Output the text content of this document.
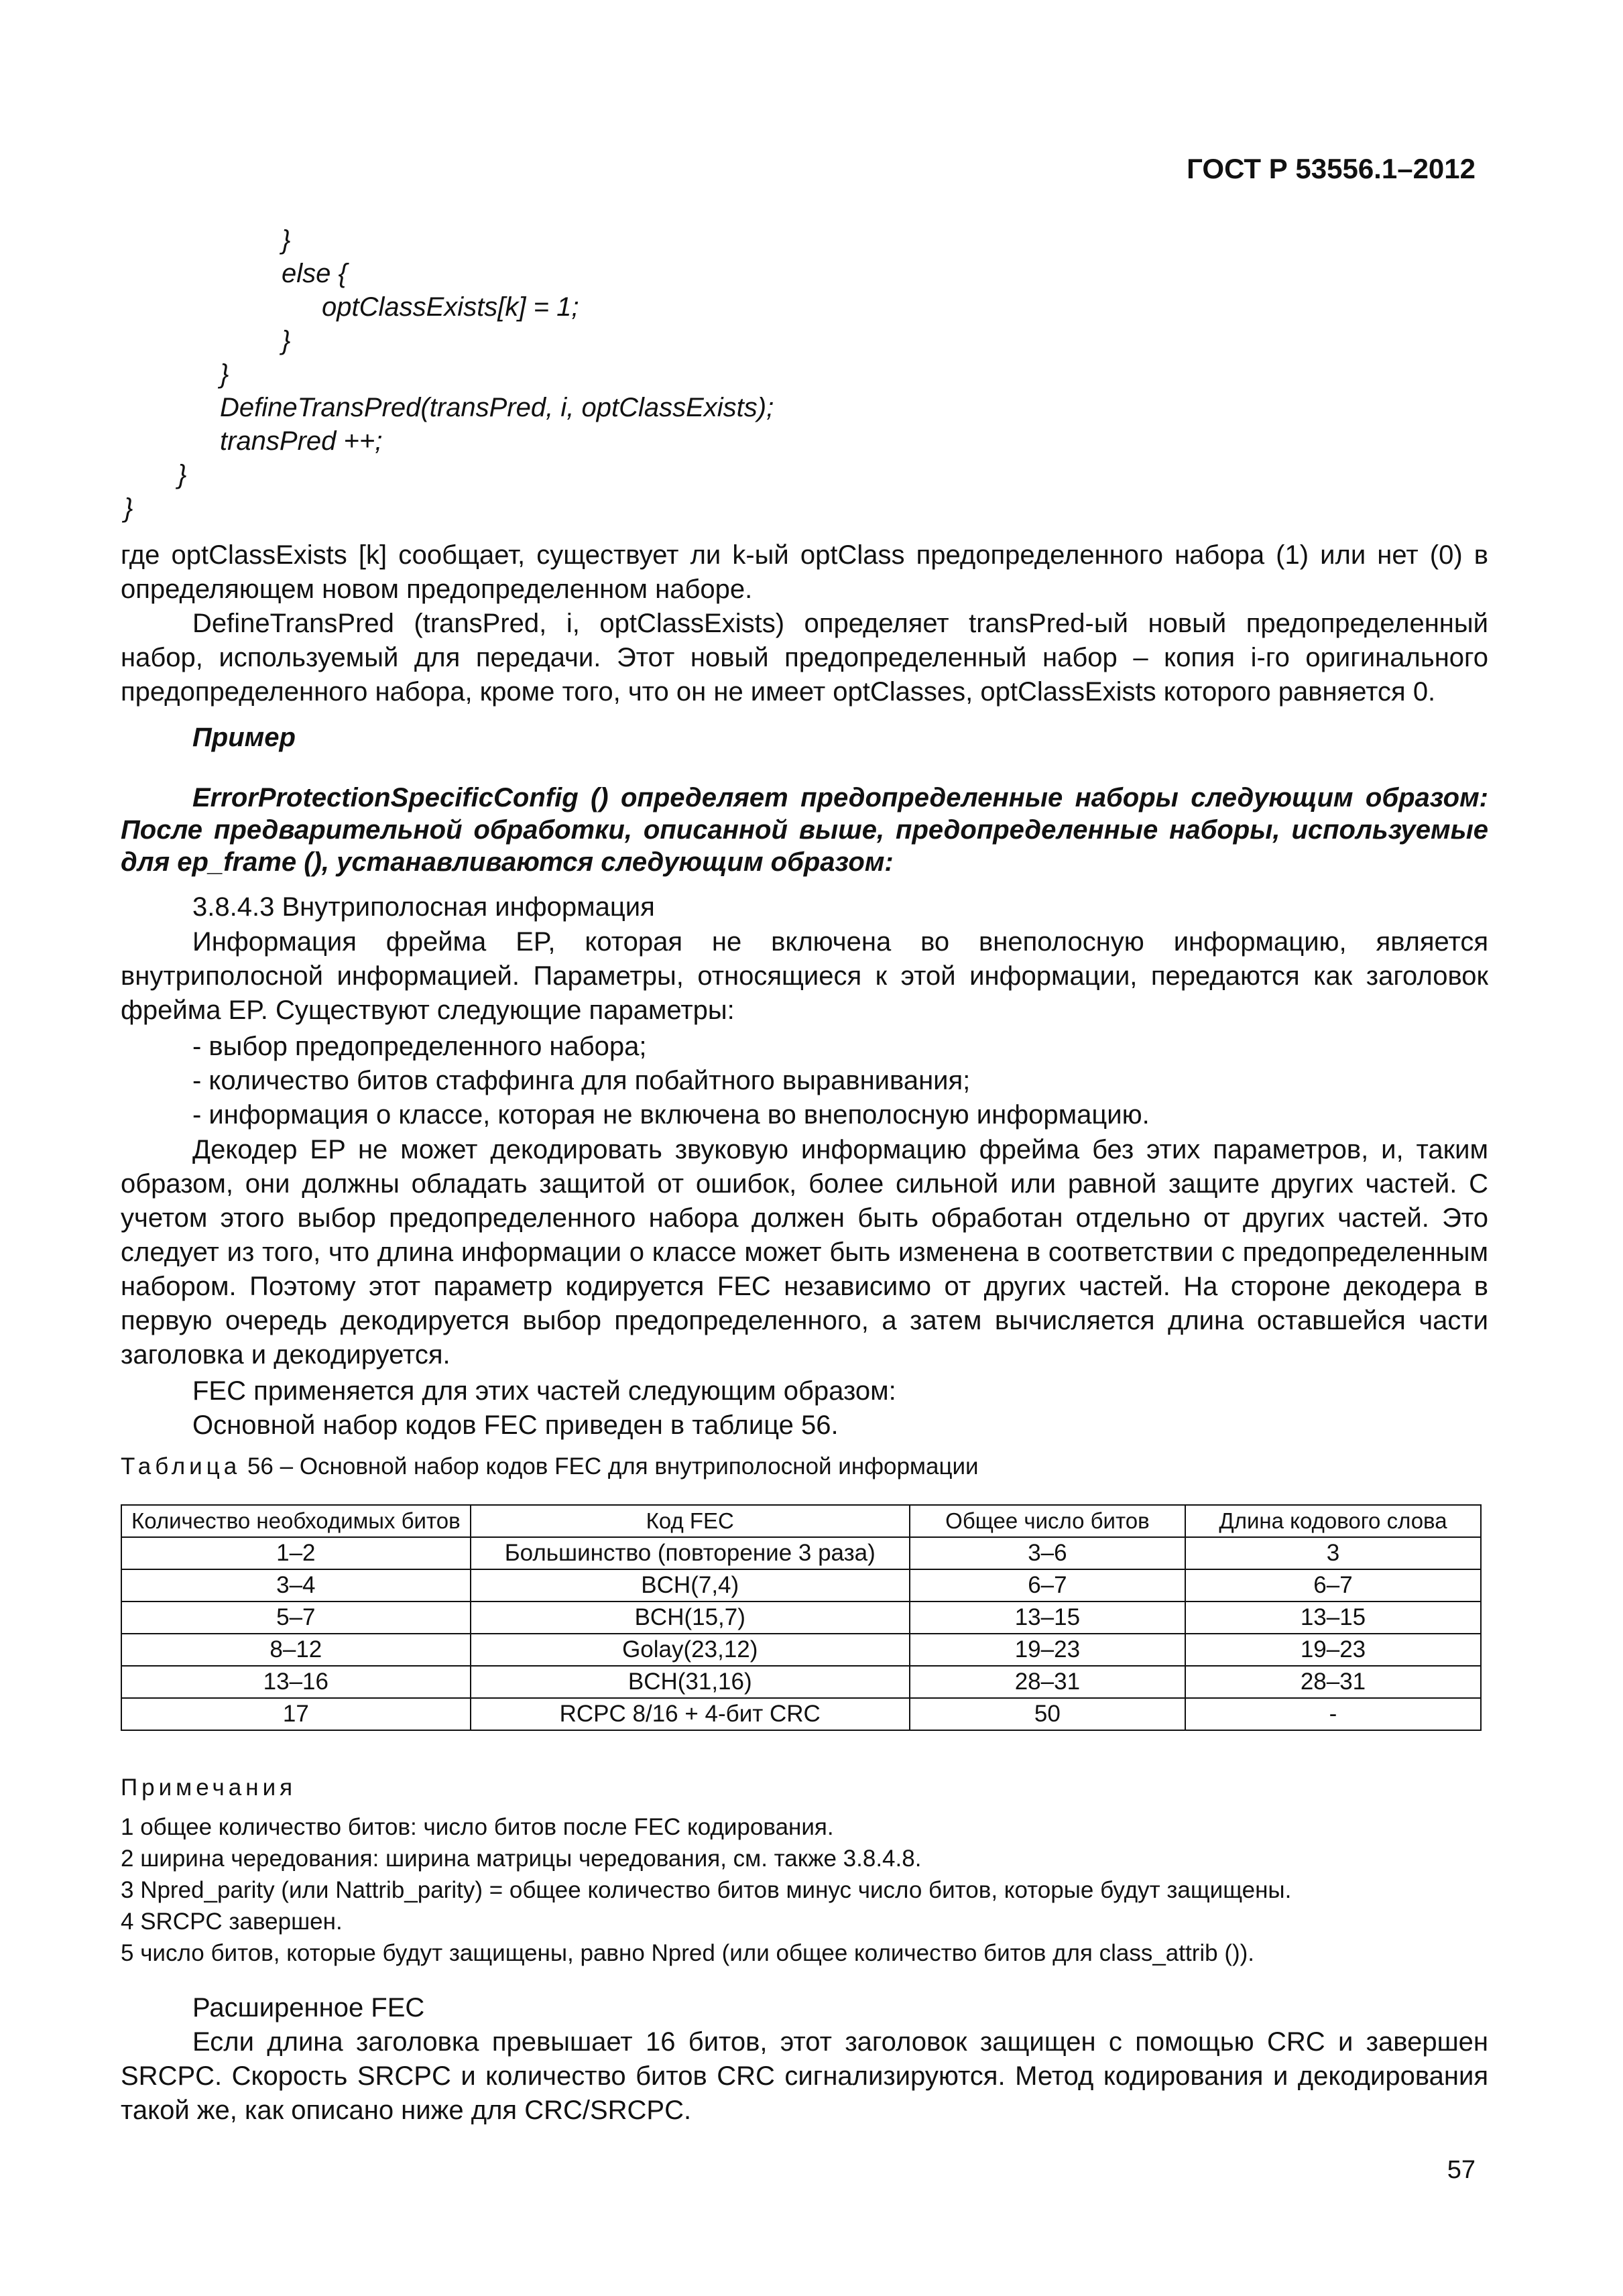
ГОСТ Р 53556.1–2012
}
else {
optClassExists[k] = 1;
}
}
DefineTransPred(transPred, i, optClassExists);
transPred ++;
}
}
где optClassExists [k] сообщает, существует ли k-ый optClass предопределенного набора (1) или нет (0) в определяющем новом предопределенном наборе.
DefineTransPred (transPred, i, optClassExists) определяет transPred-ый новый предопределенный набор, используемый для передачи. Этот новый предопределенный набор – копия i-го оригинального предопределенного набора, кроме того, что он не имеет optClasses, optClassExists которого равняется 0.
Пример
ErrorProtectionSpecificConfig () определяет предопределенные наборы следующим образом: После предварительной обработки, описанной выше, предопределенные наборы, используемые для ep_frame (), устанавливаются следующим образом:
3.8.4.3 Внутриполосная информация
Информация фрейма EP, которая не включена во внеполосную информацию, является внутриполосной информацией. Параметры, относящиеся к этой информации, передаются как заголовок фрейма EP. Существуют следующие параметры:
- выбор предопределенного набора;
- количество битов стаффинга для побайтного выравнивания;
- информация о классе, которая не включена во внеполосную информацию.
Декодер EP не может декодировать звуковую информацию фрейма без этих параметров, и, таким образом, они должны обладать защитой от ошибок, более сильной или равной защите других частей. С учетом этого выбор предопределенного набора должен быть обработан отдельно от других частей. Это следует из того, что длина информации о классе может быть изменена в соответствии с предопределенным набором. Поэтому этот параметр кодируется FEC независимо от других частей. На стороне декодера в первую очередь декодируется выбор предопределенного, а затем вычисляется длина оставшейся части заголовка и декодируется.
FEC применяется для этих частей следующим образом:
Основной набор кодов FEC приведен в таблице 56.
Таблица 56 – Основной набор кодов FEC для внутриполосной информации
Количество необходимых битов	Код FEC	Общее число битов	Длина кодового слова
1–2	Большинство (повторение 3 раза)	3–6	3
3–4	BCH(7,4)	6–7	6–7
5–7	BCH(15,7)	13–15	13–15
8–12	Golay(23,12)	19–23	19–23
13–16	BCH(31,16)	28–31	28–31
17	RCPC 8/16 + 4-бит CRC	50	-
Примечания
1 общее количество битов: число битов после FEC кодирования.
2 ширина чередования: ширина матрицы чередования, см. также 3.8.4.8.
3 Npred_parity (или Nattrib_parity) = общее количество битов минус число битов, которые будут защищены.
4 SRCPC завершен.
5 число битов, которые будут защищены, равно Npred (или общее количество битов для class_attrib ()).
Расширенное FEC
Если длина заголовка превышает 16 битов, этот заголовок защищен с помощью CRC и завершен SRCPC. Скорость SRCPC и количество битов CRC сигнализируются. Метод кодирования и декодирования такой же, как описано ниже для CRC/SRCPC.
57
